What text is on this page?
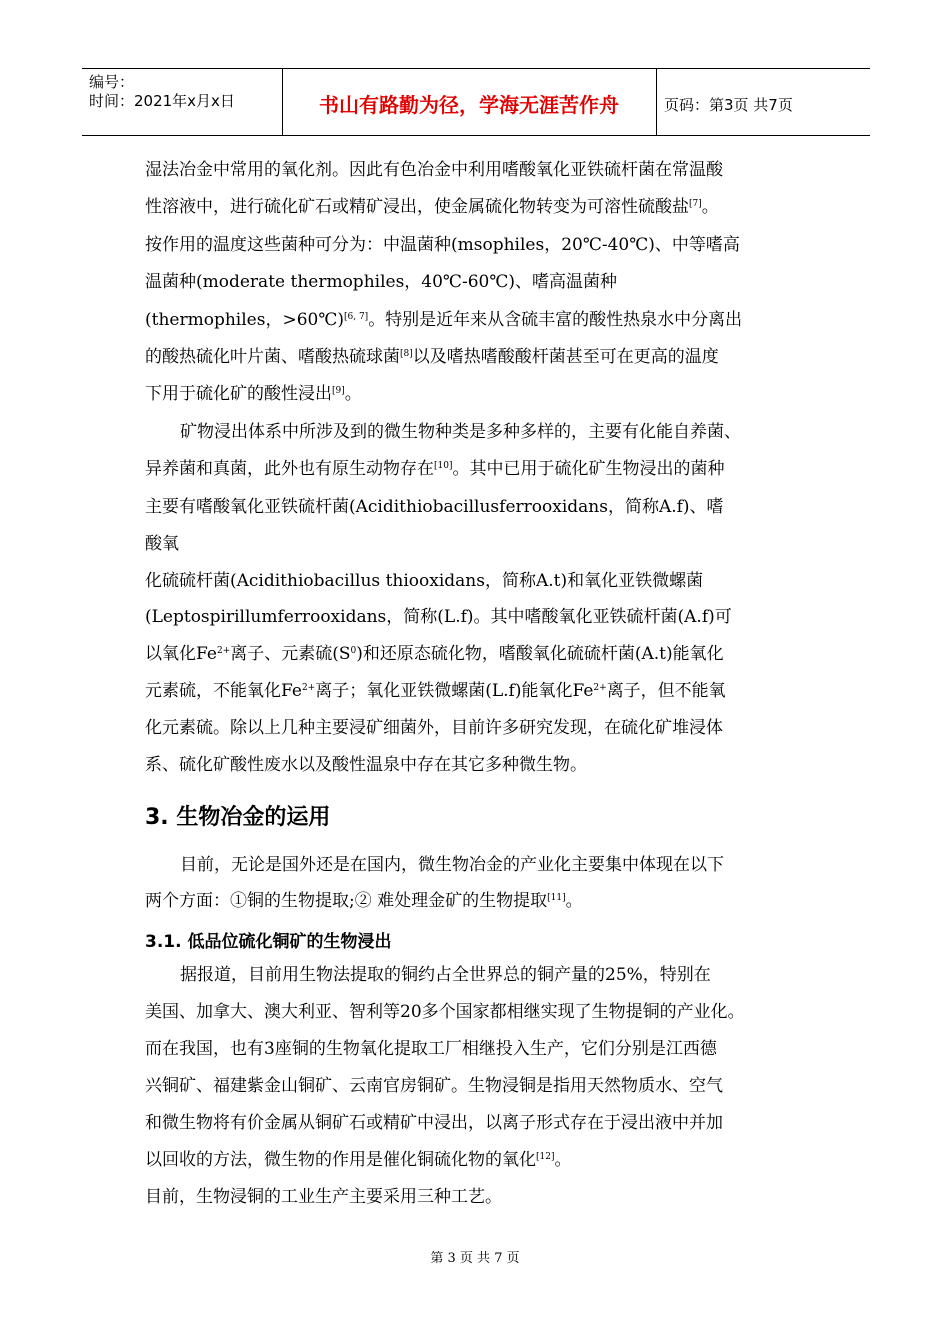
编号：
时间：2021年x月x日	书山有路勤为径，学海无涯苦作舟	页码：第3页 共7页
湿法冶金中常用的氧化剂。因此有色冶金中利用嗜酸氧化亚铁硫杆菌在常温酸
性溶液中，进行硫化矿石或精矿浸出，使金属硫化物转变为可溶性硫酸盐[7]。
按作用的温度这些菌种可分为：中温菌种(msophiles，20℃-40℃)、中等嗜高
温菌种(moderate thermophiles，40℃-60℃)、嗜高温菌种
(thermophiles，>60℃)[6, 7]。特别是近年来从含硫丰富的酸性热泉水中分离出
的酸热硫化叶片菌、嗜酸热硫球菌[8]以及嗜热嗜酸酸杆菌甚至可在更高的温度
下用于硫化矿的酸性浸出[9]。
矿物浸出体系中所涉及到的微生物种类是多种多样的，主要有化能自养菌、
异养菌和真菌，此外也有原生动物存在[10]。其中已用于硫化矿生物浸出的菌种
主要有嗜酸氧化亚铁硫杆菌(Acidithiobacillusferrooxidans，简称A.f)、嗜
酸氧
化硫硫杆菌(Acidithiobacillus thiooxidans，简称A.t)和氧化亚铁微螺菌
(Leptospirillumferrooxidans，简称(L.f)。其中嗜酸氧化亚铁硫杆菌(A.f)可
以氧化$Fe^{2+}$离子、元素硫$(S^0)$和还原态硫化物，嗜酸氧化硫硫杆菌(A.t)能氧化
元素硫，不能氧化$Fe^{2+}$离子；氧化亚铁微螺菌(L.f)能氧化$Fe^{2+}$离子，但不能氧
化元素硫。除以上几种主要浸矿细菌外，目前许多研究发现，在硫化矿堆浸体
系、硫化矿酸性废水以及酸性温泉中存在其它多种微生物。
3. 生物冶金的运用
目前，无论是国外还是在国内，微生物冶金的产业化主要集中体现在以下
两个方面：①铜的生物提取;② 难处理金矿的生物提取[11]。
3.1. 低品位硫化铜矿的生物浸出
据报道，目前用生物法提取的铜约占全世界总的铜产量的25%，特别在
美国、加拿大、澳大利亚、智利等20多个国家都相继实现了生物提铜的产业化。
而在我国，也有3座铜的生物氧化提取工厂相继投入生产，它们分别是江西德
兴铜矿、福建紫金山铜矿、云南官房铜矿。生物浸铜是指用天然物质水、空气
和微生物将有价金属从铜矿石或精矿中浸出，以离子形式存在于浸出液中并加
以回收的方法，微生物的作用是催化铜硫化物的氧化[12]。
目前，生物浸铜的工业生产主要采用三种工艺。
第 3 页 共 7 页
